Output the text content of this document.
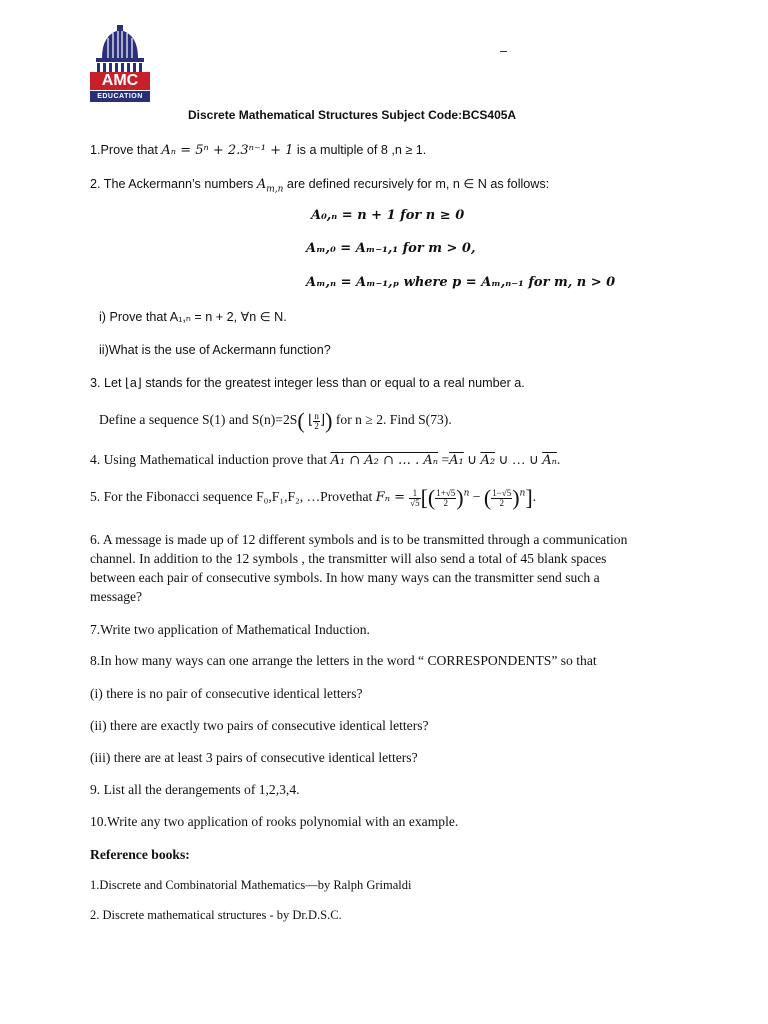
AMC
EDUCATION
–
Discrete Mathematical Structures Subject Code:BCS405A
1.Prove that Aₙ = 5ⁿ + 2.3ⁿ⁻¹ + 1 is a multiple of 8 ,n ≥ 1.
2. The Ackermann’s numbers $A_{m,n}$ are defined recursively for m, n ∈ N as follows:
A₀,ₙ = n + 1 for n ≥ 0
Aₘ,₀ = Aₘ₋₁,₁ for m > 0,
Aₘ,ₙ = Aₘ₋₁,ₚ where p = Aₘ,ₙ₋₁ for m, n > 0
i) Prove that A₁,ₙ = n + 2, ∀n ∈ N.
ii)What is the use of Ackermann function?
3. Let ⌊a⌋ stands for the greatest integer less than or equal to a real number a.
Define a sequence S(1) and S(n)=2S( ⌊ $\frac{n}{2}$ ⌋) for n ≥ 2. Find S(73).
4. Using Mathematical induction prove that A₁ ∩ A₂ ∩ … . Aₙ =A₁ ∪ A₂ ∪ … ∪ $\overline{A_n}$.
5. For the Fibonacci sequence F₀,F₁,F₂, …Provethat $F_n = \frac{1}{√5}$ [( $\frac{1+√5}{2} )^n$ − ( $\frac{1-√5}{2} )^n$].
6. A message is made up of 12 different symbols and is to be transmitted through a communication
channel. In addition to the 12 symbols , the transmitter will also send a total of 45 blank spaces
between each pair of consecutive symbols. In how many ways can the transmitter send such a
message?
7.Write two application of Mathematical Induction.
8.In how many ways can one arrange the letters in the word “ CORRESPONDENTS” so that
(i) there is no pair of consecutive identical letters?
(ii) there are exactly two pairs of consecutive identical letters?
(iii) there are at least 3 pairs of consecutive identical letters?
9. List all the derangements of 1,2,3,4.
10.Write any two application of rooks polynomial with an example.
Reference books:
1.Discrete and Combinatorial Mathematics—by Ralph Grimaldi
2. Discrete mathematical structures - by Dr.D.S.C.
